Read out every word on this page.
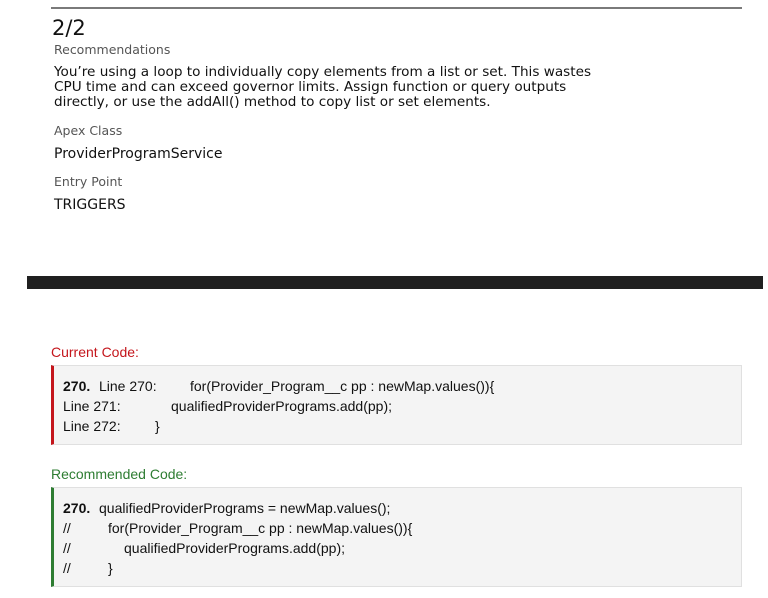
2/2
Recommendations
You’re using a loop to individually copy elements from a list or set. This wastes
CPU time and can exceed governor limits. Assign function or query outputs
directly, or use the addAll() method to copy list or set elements.
Apex Class
ProviderProgramService
Entry Point
TRIGGERS
Current Code:

270.

Line 270:

for(Provider_Program__c pp : newMap.values()){

Line 271:

	qualifiedProviderPrograms.add(pp);

Line 272:

}

Recommended Code:

270.

qualifiedProviderPrograms = newMap.values();

//

	for(Provider_Program__c pp : newMap.values()){

//

	qualifiedProviderPrograms.add(pp);

//

	}
